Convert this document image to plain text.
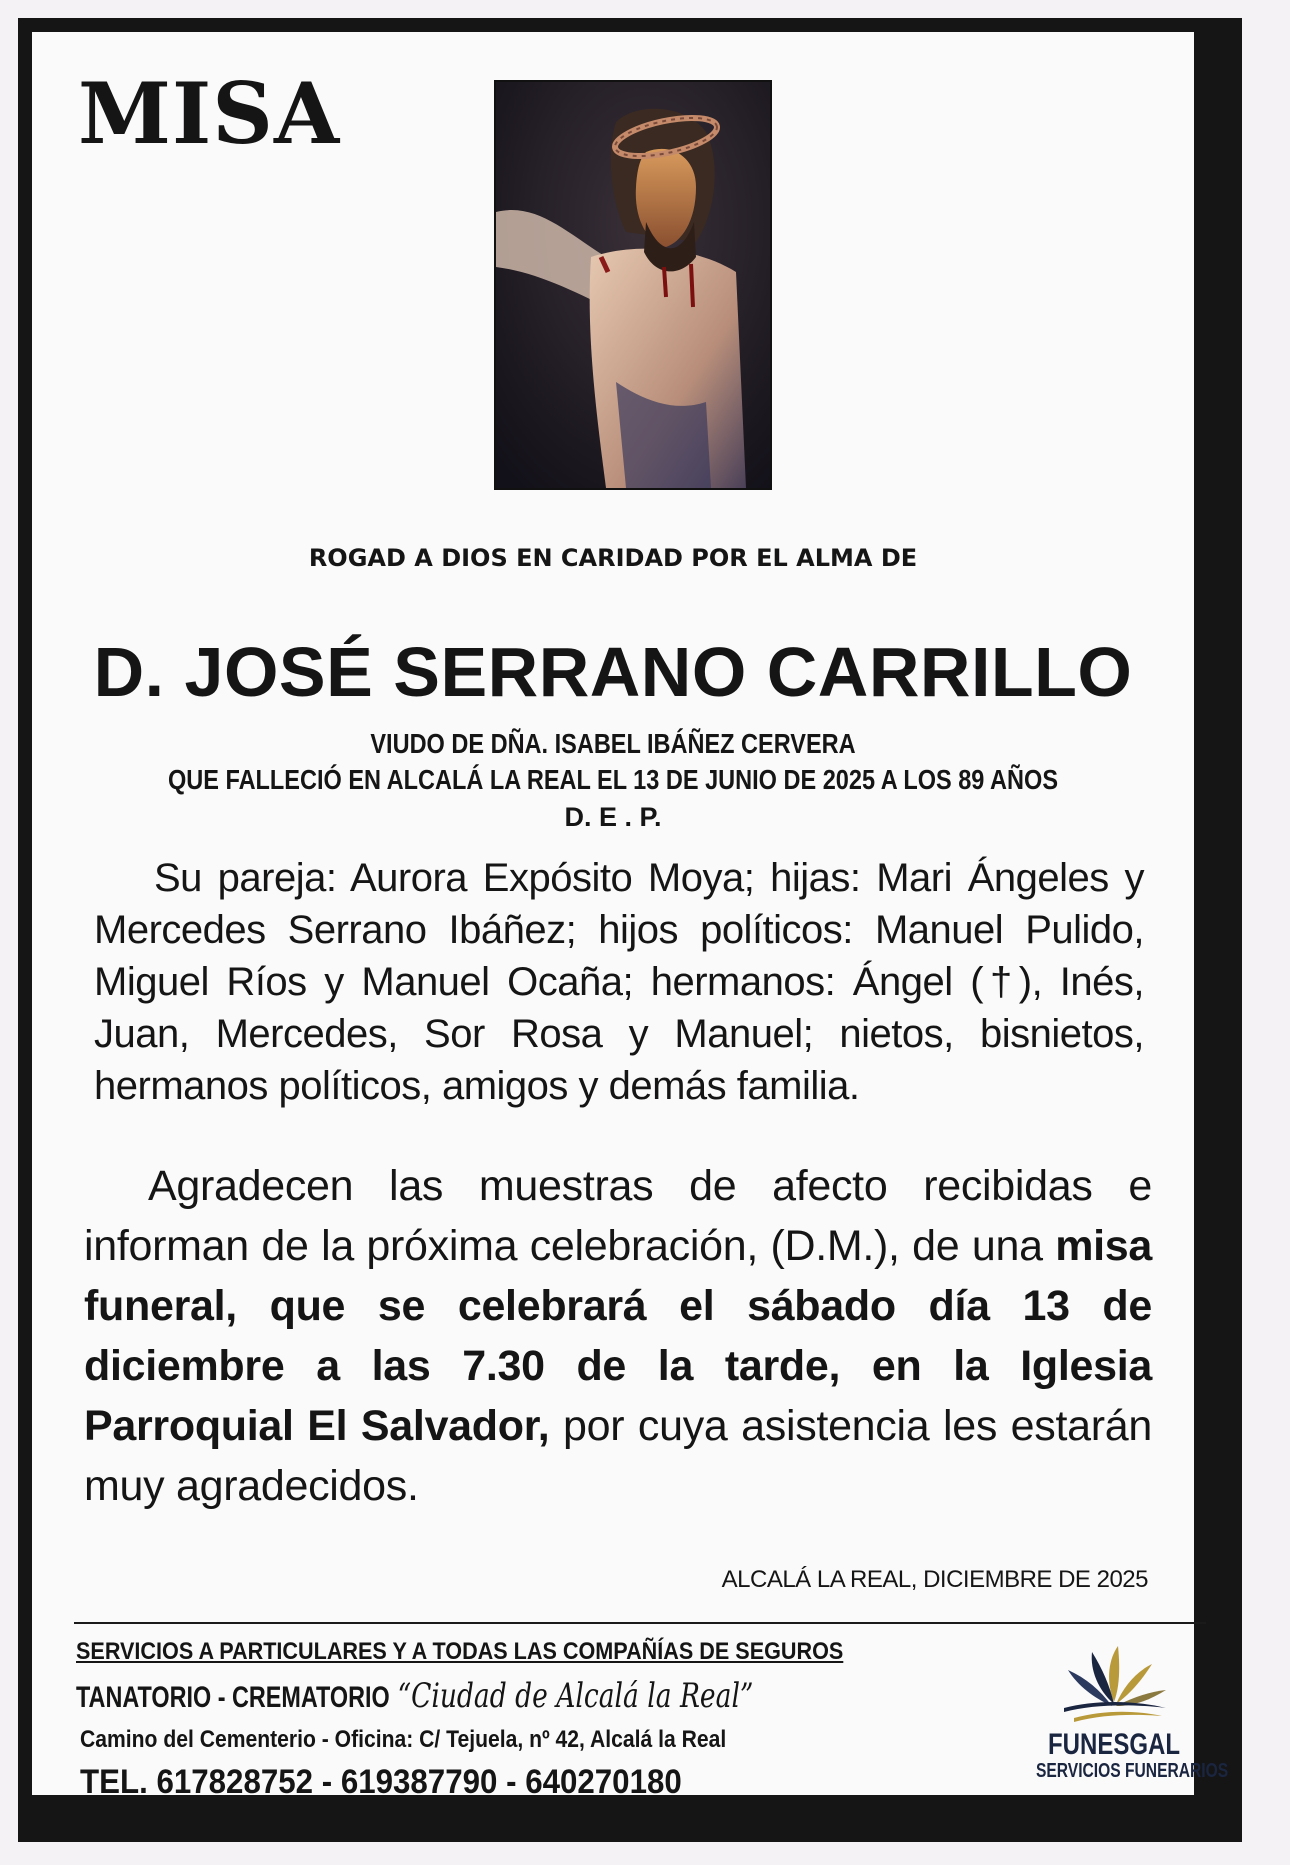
MISA
ROGAD A DIOS EN CARIDAD POR EL ALMA DE
D. JOSÉ SERRANO CARRILLO
VIUDO DE DÑA. ISABEL IBÁÑEZ CERVERA
QUE FALLECIÓ EN ALCALÁ LA REAL EL 13 DE JUNIO DE 2025 A LOS 89 AÑOS
D. E . P.
Su pareja: Aurora Expósito Moya; hijas: Mari Ángeles y Mercedes Serrano Ibáñez; hijos políticos: Manuel Pulido, Miguel Ríos y Manuel Ocaña; hermanos: Ángel (†), Inés, Juan, Mercedes, Sor Rosa y Manuel; nietos, bisnietos, hermanos políticos, amigos y demás familia.
Agradecen las muestras de afecto recibidas e informan de la próxima celebración, (D.M.), de una misa funeral, que se celebrará el sábado día 13 de diciembre a las 7.30 de la tarde, en la Iglesia Parroquial El Salvador, por cuya asistencia les estarán muy agradecidos.
ALCALÁ LA REAL, DICIEMBRE DE 2025
SERVICIOS A PARTICULARES Y A TODAS LAS COMPAÑÍAS DE SEGUROS
TANATORIO - CREMATORIO “Ciudad de Alcalá la Real”
Camino del Cementerio - Oficina: C/ Tejuela, nº 42, Alcalá la Real
TEL. 617828752 - 619387790 - 640270180
FUNESGAL
SERVICIOS FUNERARIOS
